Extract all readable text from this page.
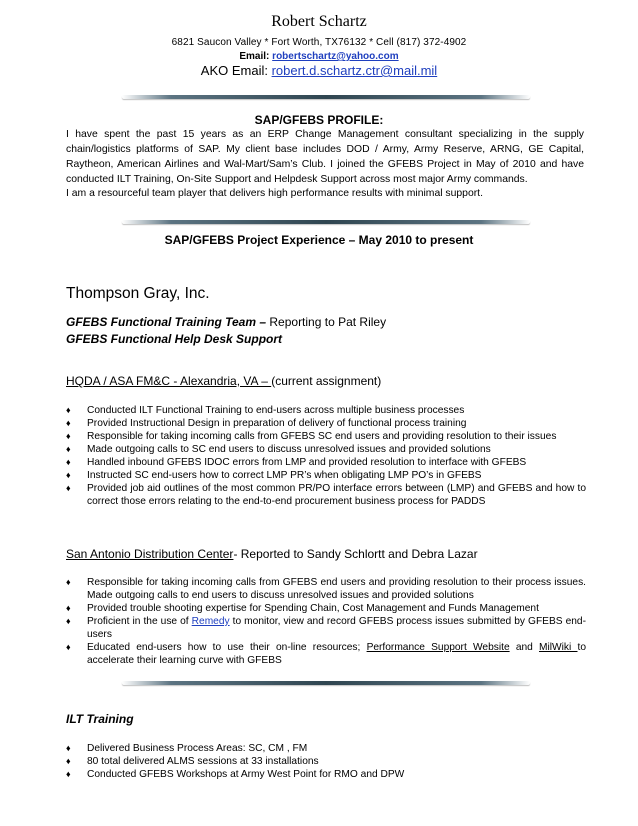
Robert Schartz
6821 Saucon Valley * Fort Worth, TX76132 * Cell (817) 372-4902
Email: robertschartz@yahoo.com
AKO Email: robert.d.schartz.ctr@mail.mil
SAP/GFEBS PROFILE:
I have spent the past 15 years as an ERP Change Management consultant specializing in the supply chain/logistics platforms of SAP. My client base includes DOD / Army, Army Reserve, ARNG, GE Capital, Raytheon, American Airlines and Wal-Mart/Sam’s Club. I joined the GFEBS Project in May of 2010 and have conducted ILT Training, On-Site Support and Helpdesk Support across most major Army commands.
I am a resourceful team player that delivers high performance results with minimal support.
SAP/GFEBS Project Experience – May 2010 to present
Thompson Gray, Inc.
GFEBS Functional Training Team – Reporting to Pat Riley
GFEBS Functional Help Desk Support
HQDA / ASA FM&C - Alexandria, VA – (current assignment)
♦ Conducted ILT Functional Training to end-users across multiple business processes
♦ Provided Instructional Design in preparation of delivery of functional process training
♦ Responsible for taking incoming calls from GFEBS SC end users and providing resolution to their issues
♦ Made outgoing calls to SC end users to discuss unresolved issues and provided solutions
♦ Handled inbound GFEBS IDOC errors from LMP and provided resolution to interface with GFEBS
♦ Instructed SC end-users how to correct LMP PR’s when obligating LMP PO’s in GFEBS
♦ Provided job aid outlines of the most common PR/PO interface errors between (LMP) and GFEBS and how to correct those errors relating to the end-to-end procurement business process for PADDS
San Antonio Distribution Center- Reported to Sandy Schlortt and Debra Lazar
♦ Responsible for taking incoming calls from GFEBS end users and providing resolution to their process issues. Made outgoing calls to end users to discuss unresolved issues and provided solutions
♦ Provided trouble shooting expertise for Spending Chain, Cost Management and Funds Management
♦ Proficient in the use of Remedy to monitor, view and record GFEBS process issues submitted by GFEBS end-users
♦ Educated end-users how to use their on-line resources; Performance Support Website and MilWiki to accelerate their learning curve with GFEBS
ILT Training
♦ Delivered Business Process Areas: SC, CM , FM
♦ 80 total delivered ALMS sessions at 33 installations
♦ Conducted GFEBS Workshops at Army West Point for RMO and DPW
